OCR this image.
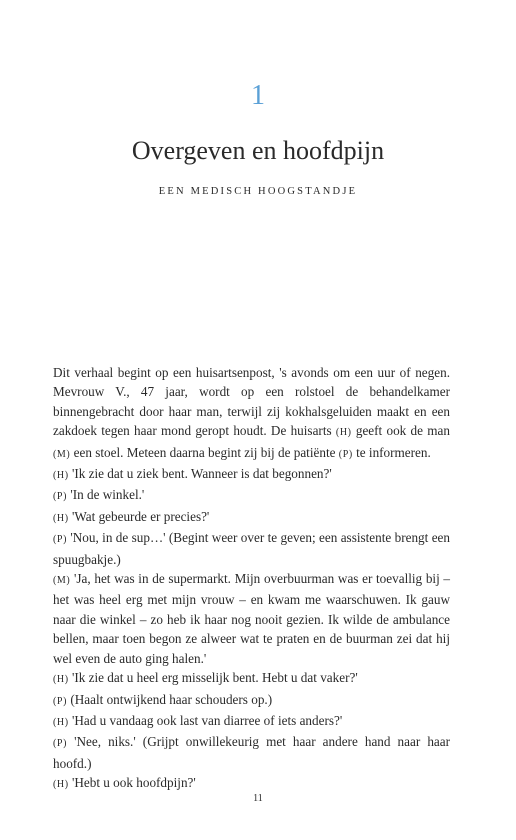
1
Overgeven en hoofdpijn
EEN MEDISCH HOOGSTANDJE

Dit verhaal begint op een huisartsenpost, 's avonds om een uur of negen. Mevrouw V., 47 jaar, wordt op een rolstoel de behandelkamer binnengebracht door haar man, terwijl zij kokhalsgeluiden maakt en een zakdoek tegen haar mond geropt houdt. De huisarts (H) geeft ook de man (M) een stoel. Meteen daarna begint zij bij de patiënte (P) te informeren.

(H) 'Ik zie dat u ziek bent. Wanneer is dat begonnen?'

(P) 'In de winkel.'

(H) 'Wat gebeurde er precies?'

(P) 'Nou, in de sup…' (Begint weer over te geven; een assistente brengt een spuugbakje.)

(M) 'Ja, het was in de supermarkt. Mijn overbuurman was er toevallig bij – het was heel erg met mijn vrouw – en kwam me waarschuwen. Ik gauw naar die winkel – zo heb ik haar nog nooit gezien. Ik wilde de ambulance bellen, maar toen begon ze alweer wat te praten en de buurman zei dat hij wel even de auto ging halen.'

(H) 'Ik zie dat u heel erg misselijk bent. Hebt u dat vaker?'

(P) (Haalt ontwijkend haar schouders op.)

(H) 'Had u vandaag ook last van diarree of iets anders?'

(P) 'Nee, niks.' (Grijpt onwillekeurig met haar andere hand naar haar hoofd.)

(H) 'Hebt u ook hoofdpijn?'

11
